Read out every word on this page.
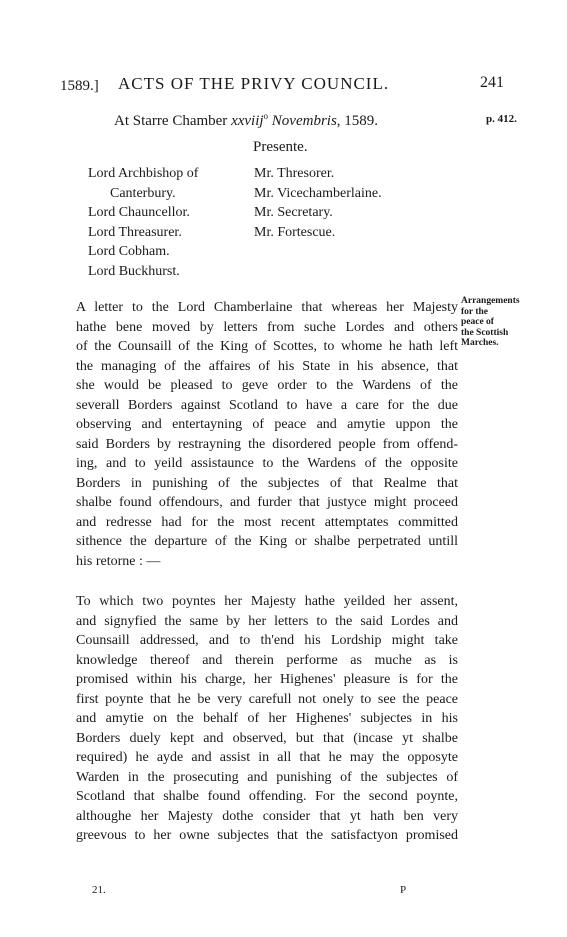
1589.] ACTS OF THE PRIVY COUNCIL.	241
At Starre Chamber xxviij$^o$ Novembris, 1589.	p. 412.
Presente.
Lord Archbishop of
Canterbury.
Lord Chauncellor.
Lord Threasurer.
Lord Cobham.
Lord Buckhurst.
Mr. Thresorer.
Mr. Vicechamberlaine.
Mr. Secretary.
Mr. Fortescue.
Arrangements
for the
peace of
the Scottish
Marches.
A letter to the Lord Chamberlaine that whereas her Majesty
hathe bene moved by letters from suche Lordes and others
of the Counsaill of the King of Scottes, to whome he hath left
the managing of the affaires of his State in his absence, that
she would be pleased to geve order to the Wardens of the
severall Borders against Scotland to have a care for the due
observing and entertayning of peace and amytie uppon the
said Borders by restrayning the disordered people from offend-
ing, and to yeild assistaunce to the Wardens of the opposite
Borders in punishing of the subjectes of that Realme that
shalbe found offendours, and furder that justyce might proceed
and redresse had for the most recent attemptates committed
sithence the departure of the King or shalbe perpetrated untill
his retorne : —
To which two poyntes her Majesty hathe yeilded her assent,
and signyfied the same by her letters to the said Lordes and
Counsaill addressed, and to th'end his Lordship might take
knowledge thereof and therein performe as muche as is
promised within his charge, her Highenes' pleasure is for the
first poynte that he be very carefull not onely to see the peace
and amytie on the behalf of her Highenes' subjectes in his
Borders duely kept and observed, but that (incase yt shalbe
required) he ayde and assist in all that he may the opposyte
Warden in the prosecuting and punishing of the subjectes of
Scotland that shalbe found offending. For the second poynte,
althoughe her Majesty dothe consider that yt hath ben very
greevous to her owne subjectes that the satisfactyon promised
21.	P
